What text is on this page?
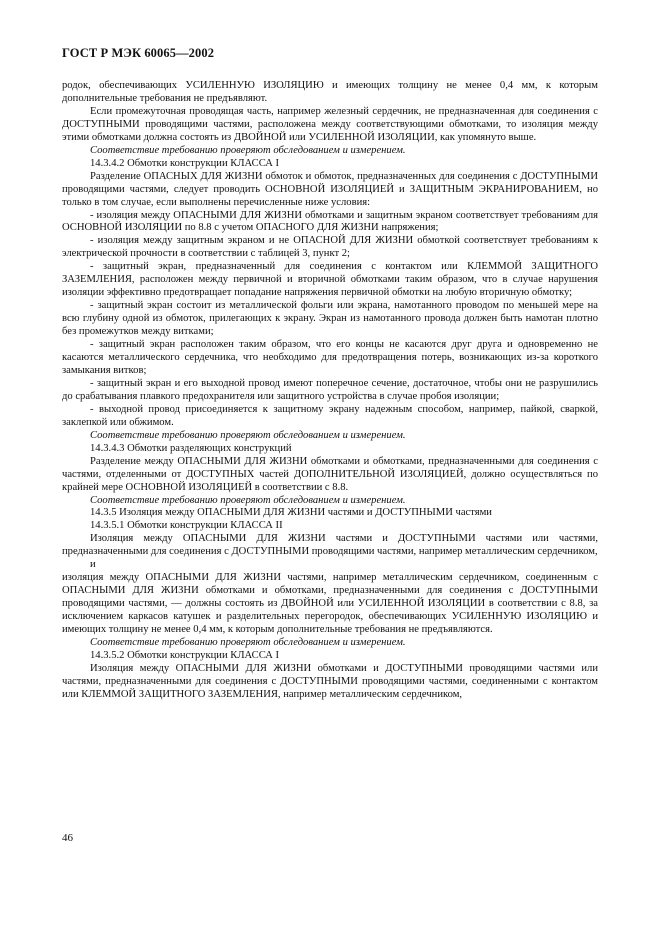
ГОСТ Р МЭК 60065—2002

родок, обеспечивающих УСИЛЕННУЮ ИЗОЛЯЦИЮ и имеющих толщину не менее 0,4 мм, к которым дополнительные требования не предъявляют.

Если промежуточная проводящая часть, например железный сердечник, не предназначенная для соединения с ДОСТУПНЫМИ проводящими частями, расположена между соответствующими обмотками, то изоляция между этими обмотками должна состоять из ДВОЙНОЙ или УСИЛЕННОЙ ИЗОЛЯЦИИ, как упомянуто выше.

Соответствие требованию проверяют обследованием и измерением.

14.3.4.2 Обмотки конструкции КЛАССА I

Разделение ОПАСНЫХ ДЛЯ ЖИЗНИ обмоток и обмоток, предназначенных для соединения с ДОСТУПНЫМИ проводящими частями, следует проводить ОСНОВНОЙ ИЗОЛЯЦИЕЙ и ЗАЩИТНЫМ ЭКРАНИРОВАНИЕМ, но только в том случае, если выполнены перечисленные ниже условия:

- изоляция между ОПАСНЫМИ ДЛЯ ЖИЗНИ обмотками и защитным экраном соответствует требованиям для ОСНОВНОЙ ИЗОЛЯЦИИ по 8.8 с учетом ОПАСНОГО ДЛЯ ЖИЗНИ напряжения;

- изоляция между защитным экраном и не ОПАСНОЙ ДЛЯ ЖИЗНИ обмоткой соответствует требованиям к электрической прочности в соответствии с таблицей 3, пункт 2;

- защитный экран, предназначенный для соединения с контактом или КЛЕММОЙ ЗАЩИТНОГО ЗАЗЕМЛЕНИЯ, расположен между первичной и вторичной обмотками таким образом, что в случае нарушения изоляции эффективно предотвращает попадание напряжения первичной обмотки на любую вторичную обмотку;

- защитный экран состоит из металлической фольги или экрана, намотанного проводом по меньшей мере на всю глубину одной из обмоток, прилегающих к экрану. Экран из намотанного провода должен быть намотан плотно без промежутков между витками;

- защитный экран расположен таким образом, что его концы не касаются друг друга и одновременно не касаются металлического сердечника, что необходимо для предотвращения потерь, возникающих из-за короткого замыкания витков;

- защитный экран и его выходной провод имеют поперечное сечение, достаточное, чтобы они не разрушились до срабатывания плавкого предохранителя или защитного устройства в случае пробоя изоляции;

- выходной провод присоединяется к защитному экрану надежным способом, например, пайкой, сваркой, заклепкой или обжимом.

Соответствие требованию проверяют обследованием и измерением.

14.3.4.3 Обмотки разделяющих конструкций

Разделение между ОПАСНЫМИ ДЛЯ ЖИЗНИ обмотками и обмотками, предназначенными для соединения с частями, отделенными от ДОСТУПНЫХ частей ДОПОЛНИТЕЛЬНОЙ ИЗОЛЯЦИЕЙ, должно осуществляться по крайней мере ОСНОВНОЙ ИЗОЛЯЦИЕЙ в соответствии с 8.8.

Соответствие требованию проверяют обследованием и измерением.

14.3.5 Изоляция между ОПАСНЫМИ ДЛЯ ЖИЗНИ частями и ДОСТУПНЫМИ частями

14.3.5.1 Обмотки конструкции КЛАССА II

Изоляция между ОПАСНЫМИ ДЛЯ ЖИЗНИ частями и ДОСТУПНЫМИ частями или частями, предназначенными для соединения с ДОСТУПНЫМИ проводящими частями, например металлическим сердечником,

и

изоляция между ОПАСНЫМИ ДЛЯ ЖИЗНИ частями, например металлическим сердечником, соединенным с ОПАСНЫМИ ДЛЯ ЖИЗНИ обмотками и обмотками, предназначенными для соединения с ДОСТУПНЫМИ проводящими частями, — должны состоять из ДВОЙНОЙ или УСИЛЕННОЙ ИЗОЛЯЦИИ в соответствии с 8.8, за исключением каркасов катушек и разделительных перегородок, обеспечивающих УСИЛЕННУЮ ИЗОЛЯЦИЮ и имеющих толщину не менее 0,4 мм, к которым дополнительные требования не предъявляются.

Соответствие требованию проверяют обследованием и измерением.

14.3.5.2 Обмотки конструкции КЛАССА I

Изоляция между ОПАСНЫМИ ДЛЯ ЖИЗНИ обмотками и ДОСТУПНЫМИ проводящими частями или частями, предназначенными для соединения с ДОСТУПНЫМИ проводящими частями, соединенными с контактом или КЛЕММОЙ ЗАЩИТНОГО ЗАЗЕМЛЕНИЯ, например металлическим сердечником,

46
